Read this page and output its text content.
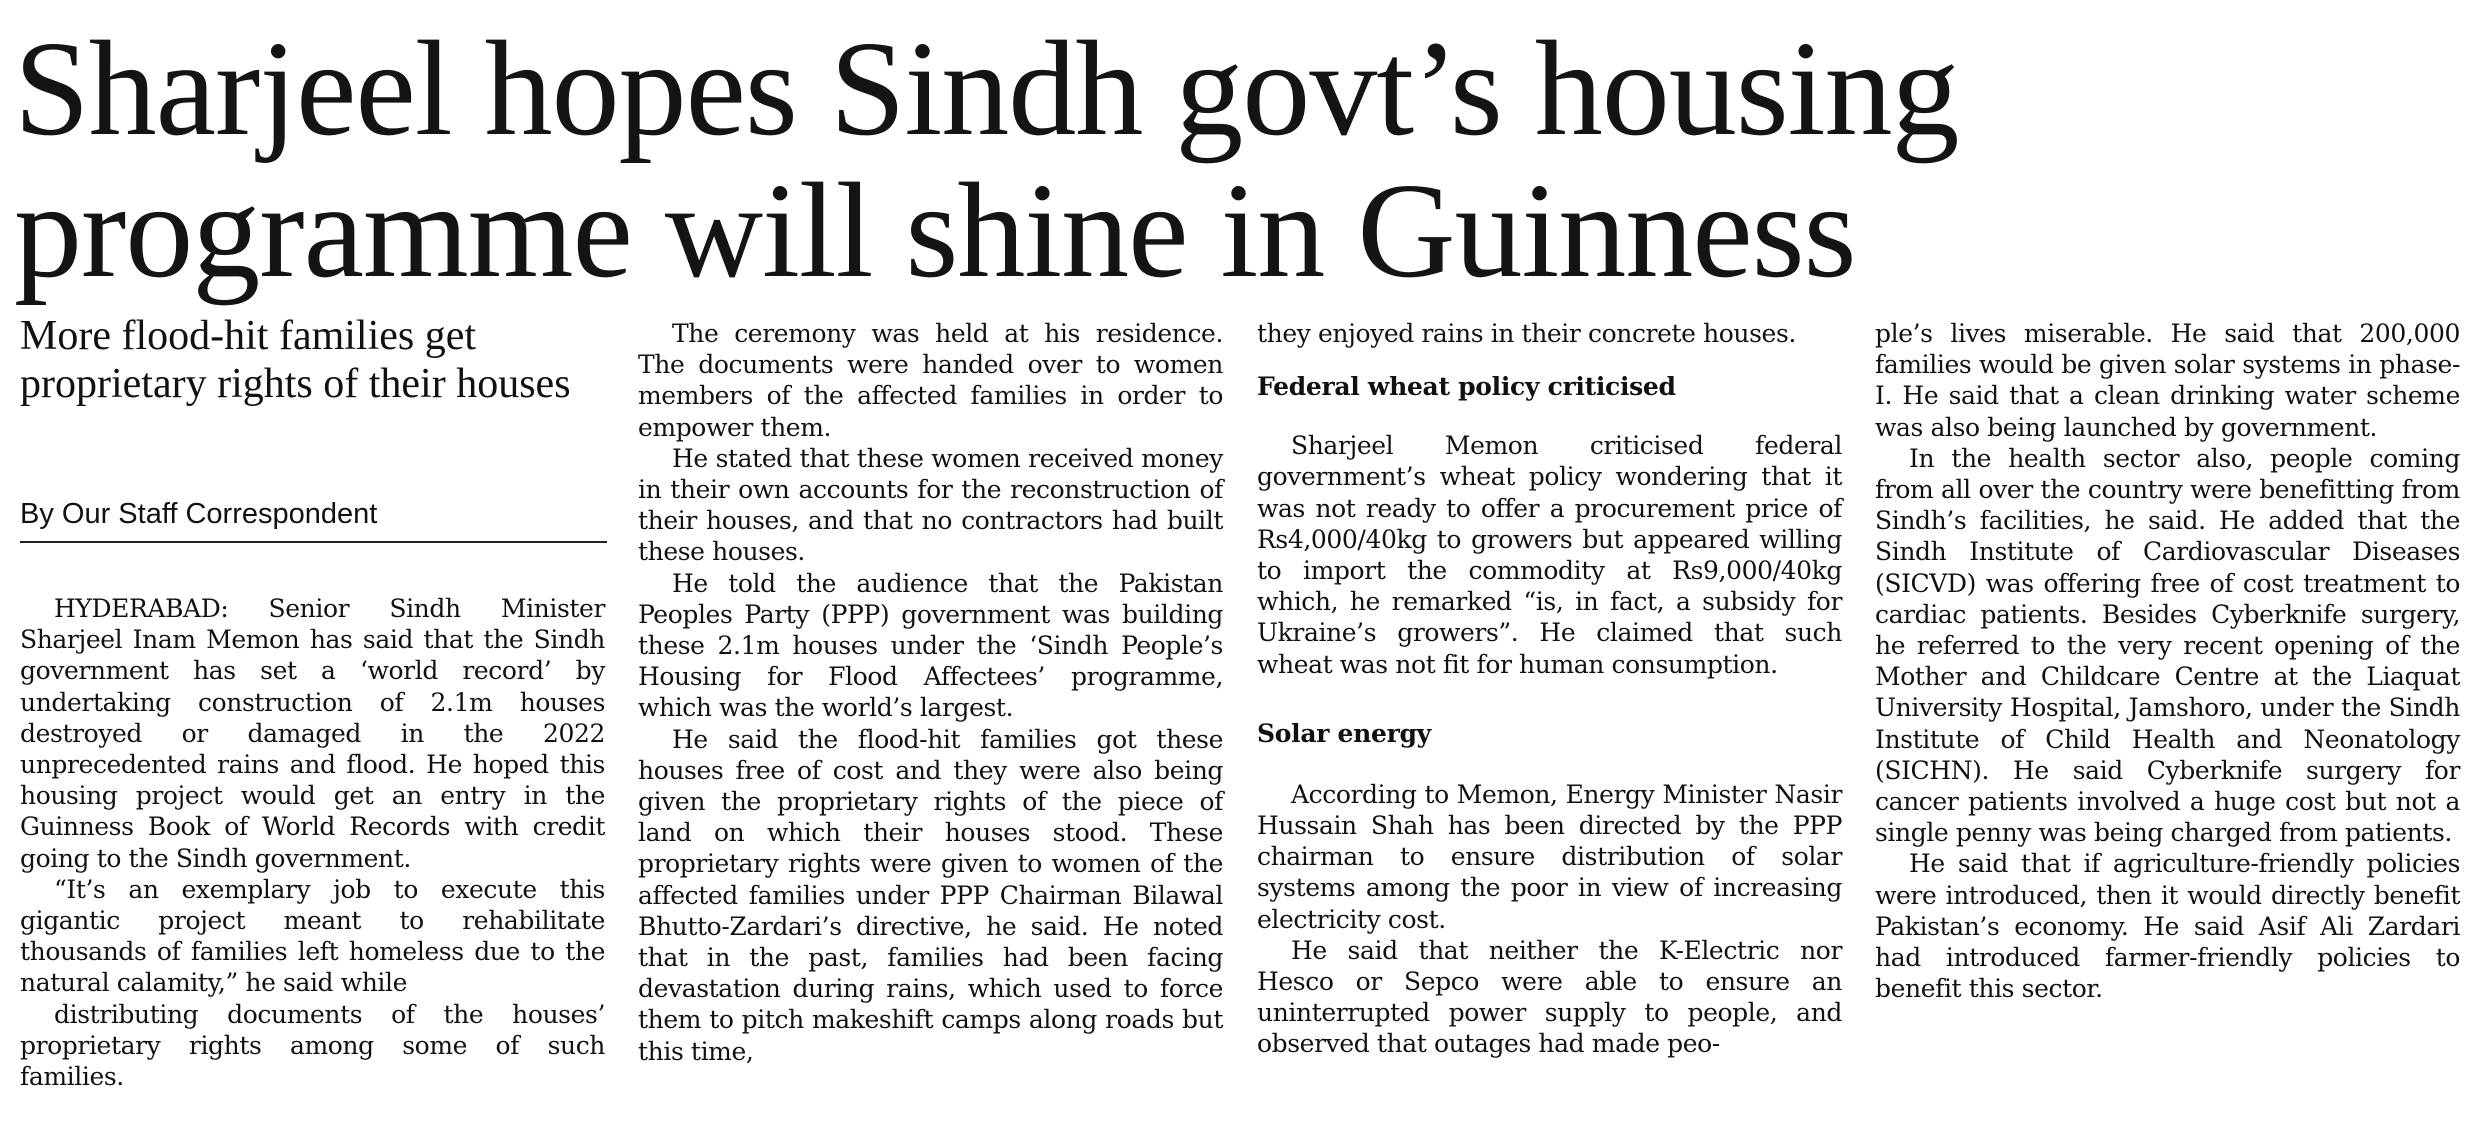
Sharjeel hopes Sindh govt’s housing programme will shine in Guinness
More flood-hit families get proprietary rights of their houses
By Our Staff Correspondent

HYDERABAD: Senior Sindh Minister Sharjeel Inam Memon has said that the Sindh government has set a ‘world record’ by undertaking construction of 2.1m houses destroyed or damaged in the 2022 unprecedented rains and flood. He hoped this housing project would get an entry in the Guinness Book of World Records with credit going to the Sindh government.

“It’s an exemplary job to execute this gigantic project meant to rehabilitate thousands of families left homeless due to the natural calamity,” he said while

distributing documents of the houses’ proprietary rights among some of such families.

The ceremony was held at his residence. The documents were handed over to women members of the affected families in order to empower them.

He stated that these women received money in their own accounts for the reconstruction of their houses, and that no contractors had built these houses.

He told the audience that the Pakistan Peoples Party (PPP) government was building these 2.1m houses under the ‘Sindh People’s Housing for Flood Affectees’ programme, which was the world’s largest.

He said the flood-hit families got these houses free of cost and they were also being given the proprietary rights of the piece of land on which their houses stood. These proprietary rights were given to women of the affected families under PPP Chairman Bilawal Bhutto-Zardari’s directive, he said. He noted that in the past, families had been facing devastation during rains, which used to force them to pitch makeshift camps along roads but this time,

they enjoyed rains in their concrete houses.

Federal wheat policy criticised

Sharjeel Memon criticised federal government’s wheat policy wondering that it was not ready to offer a procurement price of Rs4,000/40kg to growers but appeared willing to import the commodity at Rs9,000/40kg which, he remarked “is, in fact, a subsidy for Ukraine’s growers”. He claimed that such wheat was not fit for human consumption.

Solar energy

According to Memon, Energy Minister Nasir Hussain Shah has been directed by the PPP chairman to ensure distribution of solar systems among the poor in view of increasing electricity cost.

He said that neither the K-Electric nor Hesco or Sepco were able to ensure an uninterrupted power supply to people, and observed that outages had made peo-

ple’s lives miserable. He said that 200,000 families would be given solar systems in phase-I. He said that a clean drinking water scheme was also being launched by government.

In the health sector also, people coming from all over the country were benefitting from Sindh’s facilities, he said. He added that the Sindh Institute of Cardiovascular Diseases (SICVD) was offering free of cost treatment to cardiac patients. Besides Cyberknife surgery, he referred to the very recent opening of the Mother and Childcare Centre at the Liaquat University Hospital, Jamshoro, under the Sindh Institute of Child Health and Neonatology (SICHN). He said Cyberknife surgery for cancer patients involved a huge cost but not a single penny was being charged from patients.

He said that if agriculture-friendly policies were introduced, then it would directly benefit Pakistan’s economy. He said Asif Ali Zardari had introduced farmer-friendly policies to benefit this sector.
